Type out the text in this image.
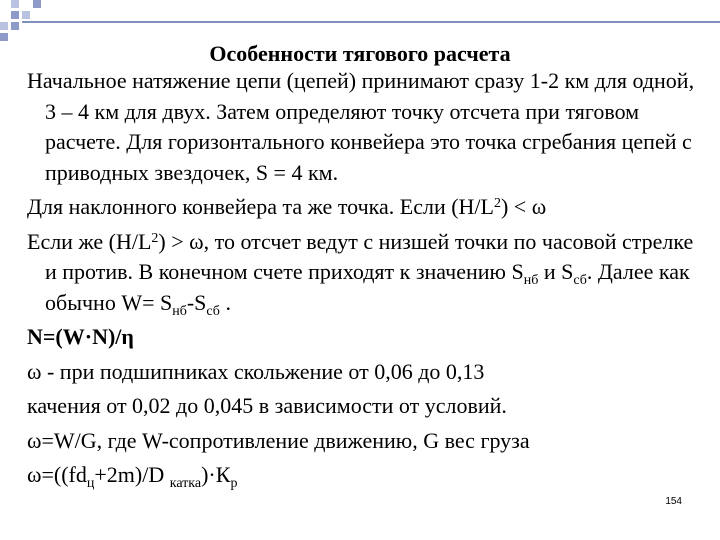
Особенности тягового расчета

Начальное натяжение цепи (цепей) принимают сразу 1-2 км для одной, 3 – 4 км для двух. Затем определяют точку отсчета при тяговом расчете. Для горизонтального конвейера это точка сгребания цепей с приводных звездочек, S = 4 км.

Для наклонного конвейера та же точка. Если $(H/L^2) < \omega$

Если же $(H/L^2) > \omega$, то отсчет ведут с низшей точки по часовой стрелке и против. В конечном счете приходят к значению $S_{нб}$ и $S_{сб}$. Далее как обычно $W= S_{нб}-S_{сб}$ .

N=(W·N)/η

ω - при подшипниках скольжение от 0,06 до 0,13

качения от 0,02 до 0,045 в зависимости от условий.

ω=W/G, где W-сопротивление движению, G вес груза

$\omega=((fd_ц+2m)/D$ $_{катка})\cdot К_р$

154
